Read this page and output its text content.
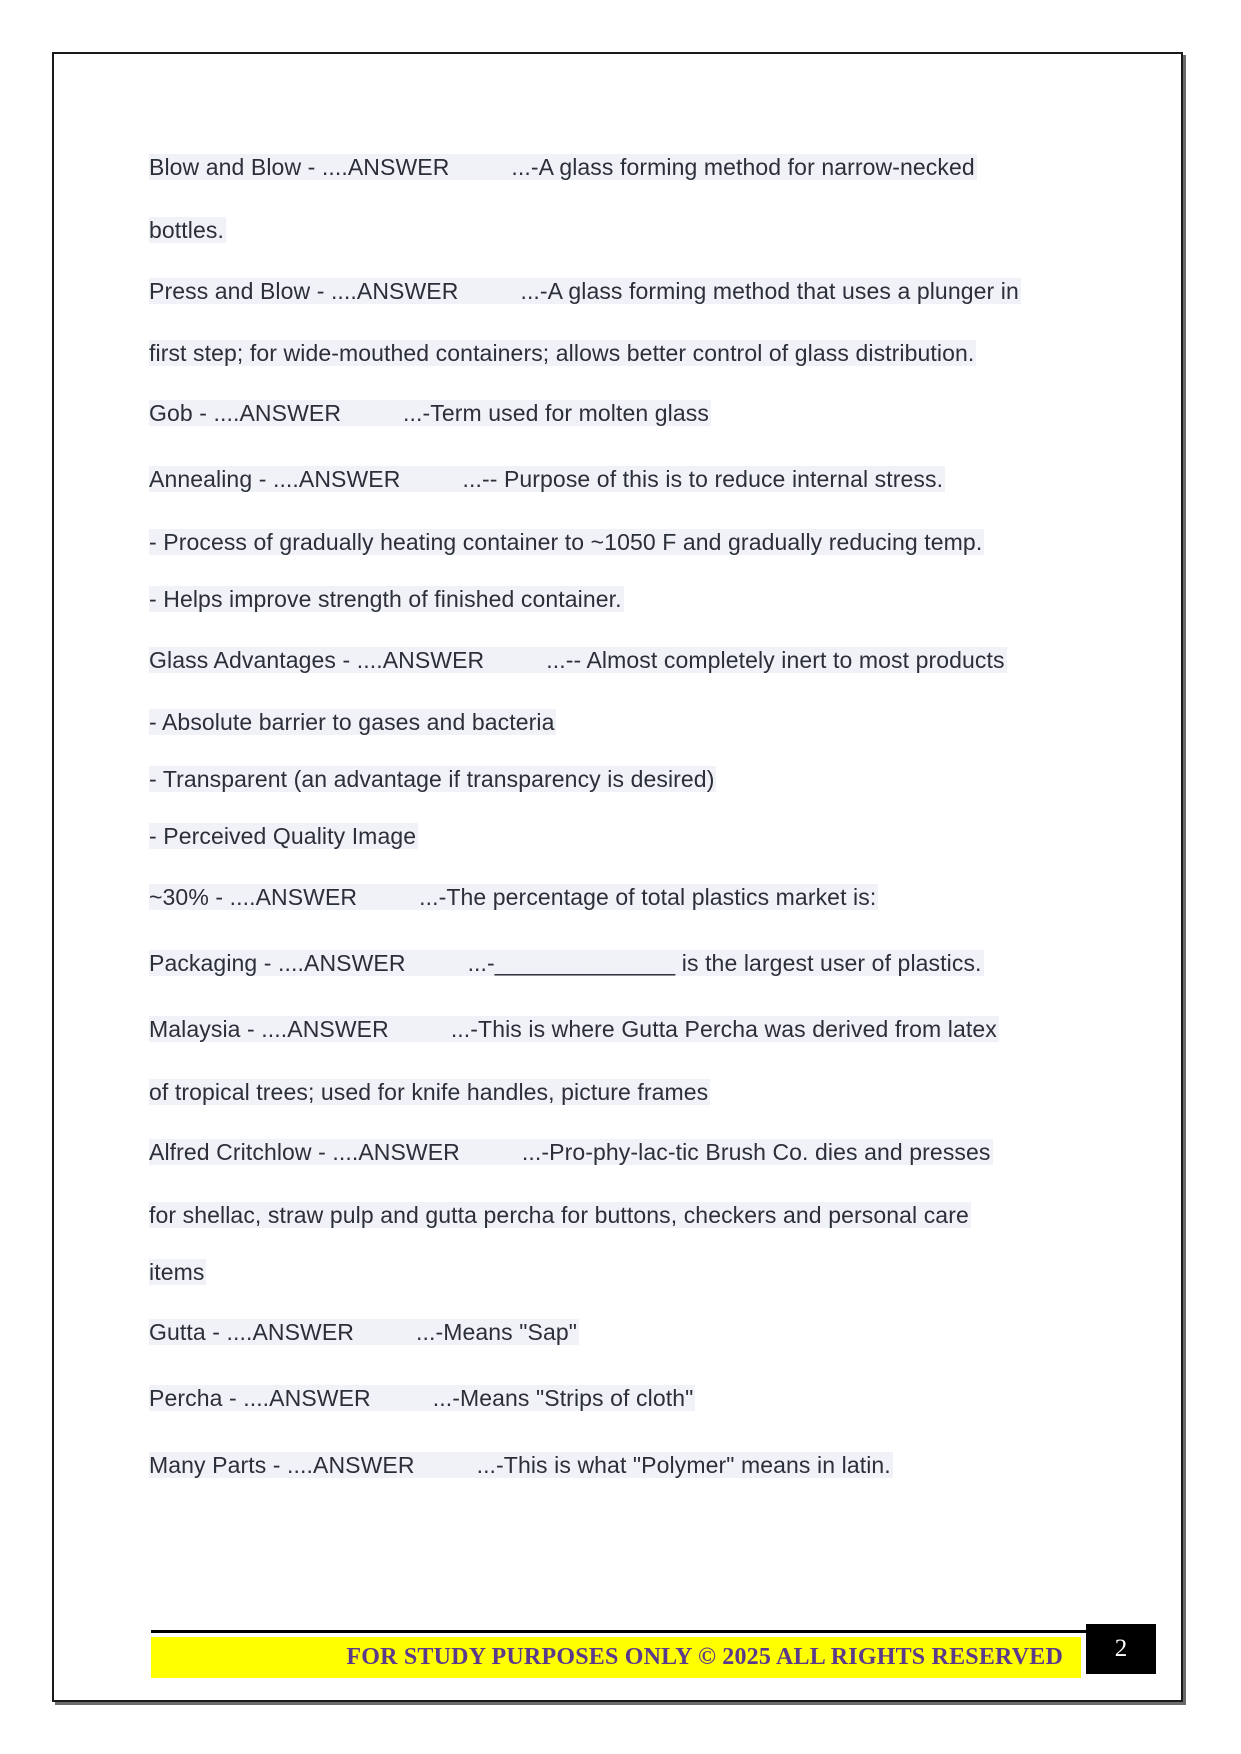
Blow and Blow - ....ANSWER	...-A glass forming method for narrow-necked
bottles.
Press and Blow - ....ANSWER	...-A glass forming method that uses a plunger in
first step; for wide-mouthed containers; allows better control of glass distribution.
Gob - ....ANSWER	...-Term used for molten glass
Annealing - ....ANSWER	...-- Purpose of this is to reduce internal stress.
- Process of gradually heating container to ~1050 F and gradually reducing temp.
- Helps improve strength of finished container.
Glass Advantages - ....ANSWER	...-- Almost completely inert to most products
- Absolute barrier to gases and bacteria
- Transparent (an advantage if transparency is desired)
- Perceived Quality Image
~30% - ....ANSWER	...-The percentage of total plastics market is:
Packaging - ....ANSWER	...-______________ is the largest user of plastics.
Malaysia - ....ANSWER	...-This is where Gutta Percha was derived from latex
of tropical trees; used for knife handles, picture frames
Alfred Critchlow - ....ANSWER	...-Pro-phy-lac-tic Brush Co. dies and presses
for shellac, straw pulp and gutta percha for buttons, checkers and personal care
items
Gutta - ....ANSWER	...-Means "Sap"
Percha - ....ANSWER	...-Means "Strips of cloth"
Many Parts - ....ANSWER	...-This is what "Polymer" means in latin.
FOR STUDY PURPOSES ONLY © 2025 ALL RIGHTS RESERVED	2
